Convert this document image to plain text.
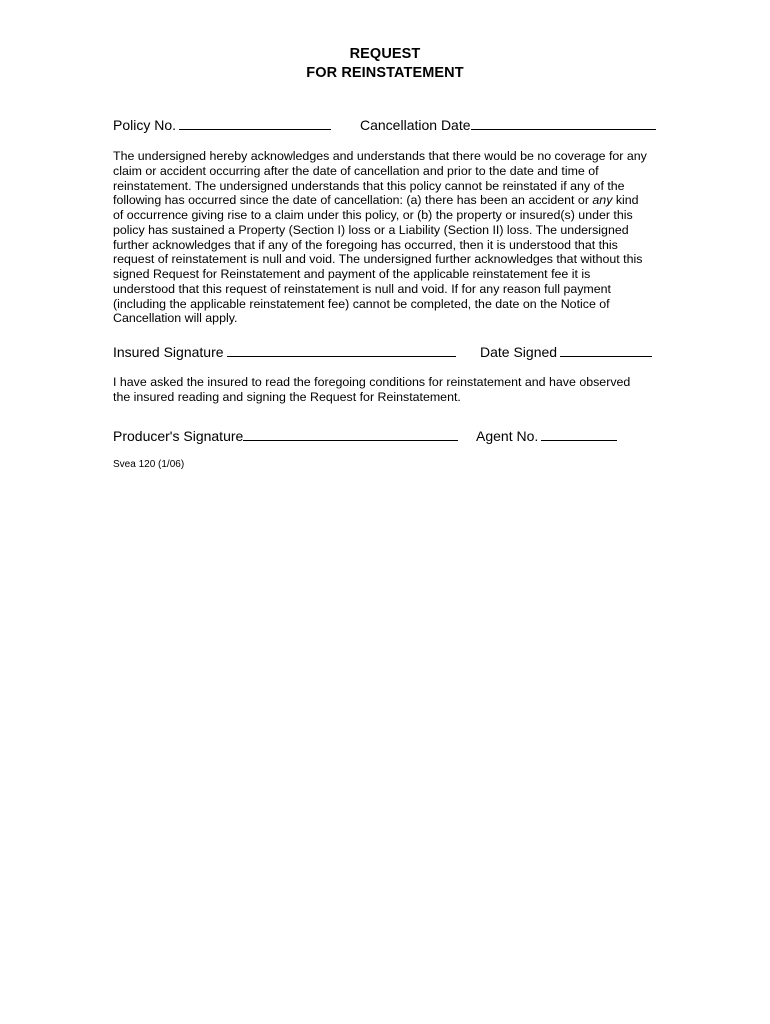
REQUEST
FOR REINSTATEMENT
Policy No.	Cancellation Date
The undersigned hereby acknowledges and understands that there would be no coverage for any
claim or accident occurring after the date of cancellation and prior to the date and time of
reinstatement. The undersigned understands that this policy cannot be reinstated if any of the
following has occurred since the date of cancellation: (a) there has been an accident or any kind
of occurrence giving rise to a claim under this policy, or (b) the property or insured(s) under this
policy has sustained a Property (Section I) loss or a Liability (Section II) loss. The undersigned
further acknowledges that if any of the foregoing has occurred, then it is understood that this
request of reinstatement is null and void. The undersigned further acknowledges that without this
signed Request for Reinstatement and payment of the applicable reinstatement fee it is
understood that this request of reinstatement is null and void. If for any reason full payment
(including the applicable reinstatement fee) cannot be completed, the date on the Notice of
Cancellation will apply.
Insured Signature	Date Signed
I have asked the insured to read the foregoing conditions for reinstatement and have observed
the insured reading and signing the Request for Reinstatement.
Producer's Signature	Agent No.
Svea 120 (1/06)
